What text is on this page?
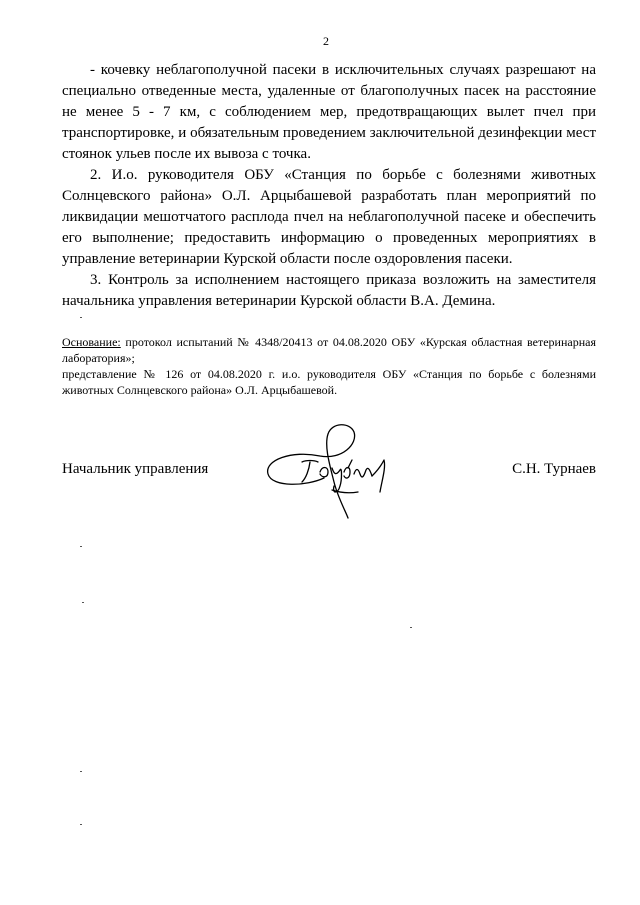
2

- кочевку неблагополучной пасеки в исключительных случаях разрешают на специально отведенные места, удаленные от благополучных пасек на расстояние не менее 5 - 7 км, с соблюдением мер, предотвращающих вылет пчел при транспортировке, и обязательным проведением заключительной дезинфекции мест стоянок ульев после их вывоза с точка.

2. И.о. руководителя ОБУ «Станция по борьбе с болезнями животных Солнцевского района» О.Л. Арцыбашевой разработать план мероприятий по ликвидации мешотчатого расплода пчел на неблагополучной пасеке и обеспечить его выполнение; предоставить информацию о проведенных мероприятиях в управление ветеринарии Курской области после оздоровления пасеки.

3. Контроль за исполнением настоящего приказа возложить на заместителя начальника управления ветеринарии Курской области В.А. Демина.

Основание: протокол испытаний № 4348/20413 от 04.08.2020 ОБУ «Курская областная ветеринарная лаборатория»;

представление № 126 от 04.08.2020 г. и.о. руководителя ОБУ «Станция по борьбе с болезнями животных Солнцевского района» О.Л. Арцыбашевой.

Начальник управления	С.Н. Турнаев
